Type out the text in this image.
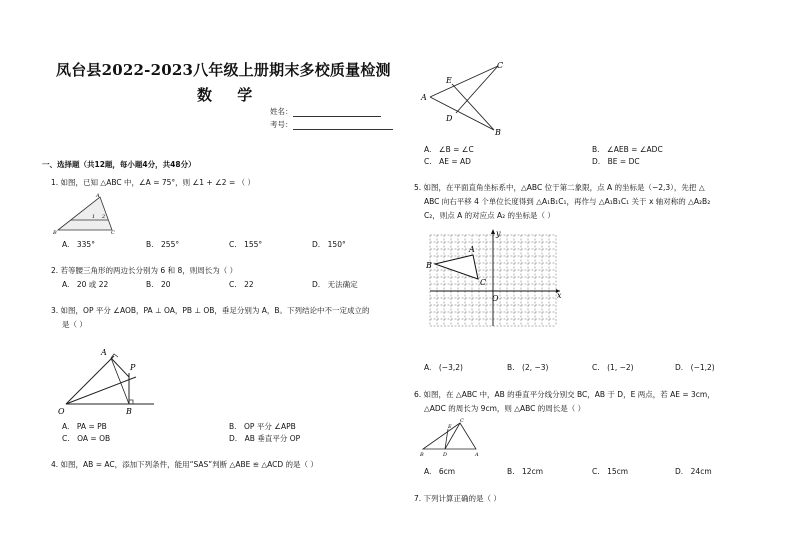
凤台县2022-2023八年级上册期末多校质量检测
数 学
姓名：
考号：
一、选择题（共12题，每小题4分，共48分）
1. 如图，已知 △ABC 中，∠A = 75°，则 ∠1 + ∠2 = （ ）
A
1 2
B	C
A.　335°	B.　255°	C.　155°	D.　150°
2. 若等腰三角形的两边长分别为 6 和 8，则周长为（ ）
A.　20 或 22	B.　20	C.　22	D.　无法确定
3. 如图，OP 平分 ∠AOB，PA ⊥ OA，PB ⊥ OB，垂足分别为 A，B。下列结论中不一定成立的
是（ ）
A
P
O	B
A.　PA = PB	B.　OP 平分 ∠APB
C.　OA = OB	D.　AB 垂直平分 OP
4. 如图，AB = AC，添加下列条件，能用“SAS”判断 △ABE ≌ △ACD 的是（ ）
C
A
E
D
B
A.　∠B = ∠C	B.　∠AEB = ∠ADC
C.　AE = AD	D.　BE = DC
5. 如图，在平面直角坐标系中，△ABC 位于第二象限，点 A 的坐标是（−2,3），先把 △
ABC 向右平移 4 个单位长度得到 △A₁B₁C₁，再作与 △A₁B₁C₁ 关于 x 轴对称的 △A₂B₂
C₂，则点 A 的对应点 A₂ 的坐标是（ ）
y
A
B
C
O	x
A.　(−3,2)	B.　(2, −3)	C.　(1, −2)	D.　(−1,2)
6. 如图，在 △ABC 中，AB 的垂直平分线分别交 BC，AB 于 D，E 两点，若 AE = 3cm，
△ADC 的周长为 9cm，则 △ABC 的周长是（ ）
C
E
B	D	A
A.　6cm	B.　12cm	C.　15cm	D.　24cm
7. 下列计算正确的是（ ）
